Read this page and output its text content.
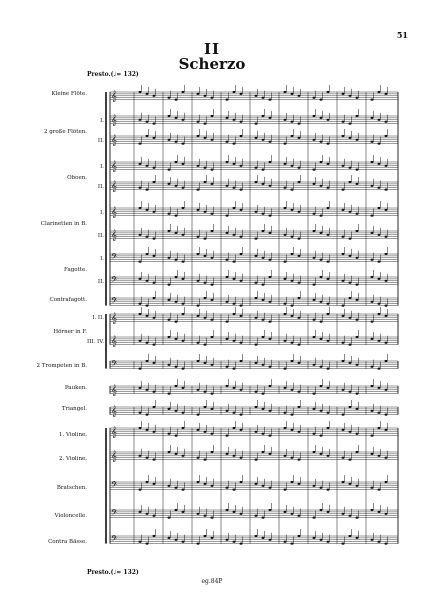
51
II
Scherzo
Presto.(♩= 132)
Kleine Flöte.
2 große Flöten.
Oboen.
Clarinetten in B.
Fagotte.
Contrafagott.
Hörner in F.
2 Trompeten in B.
Pauken.
Triangel.
1. Violine.
2. Violine.
Bratschen.
Violoncelle.
Contra Bässe.
I.
II.
I.
II.
I.
II.
I.
II.
I. II.
III. IV.
𝄞
𝄞
𝄞
𝄞
𝄞
𝄞
𝄞
𝄢
𝄢
𝄢
𝄞
𝄞
𝄢
𝄞
𝄞
𝄞
𝄞
𝄢
𝄢
𝄢
Presto.(♩= 132)
eg.84P
